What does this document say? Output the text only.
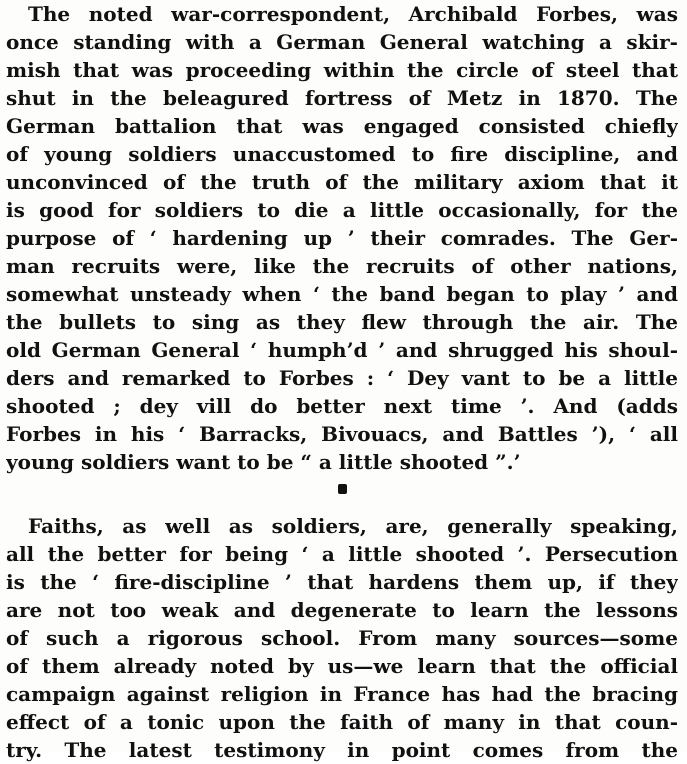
The noted war-correspondent, Archibald Forbes, was
once standing with a German General watching a skir-
mish that was proceeding within the circle of steel that
shut in the beleagured fortress of Metz in 1870. The
German battalion that was engaged consisted chiefly
of young soldiers unaccustomed to fire discipline, and
unconvinced of the truth of the military axiom that it
is good for soldiers to die a little occasionally, for the
purpose of ‘ hardening up ’ their comrades. The Ger-
man recruits were, like the recruits of other nations,
somewhat unsteady when ‘ the band began to play ’ and
the bullets to sing as they flew through the air. The
old German General ‘ humph’d ’ and shrugged his shoul-
ders and remarked to Forbes : ‘ Dey vant to be a little
shooted ; dey vill do better next time ’. And (adds
Forbes in his ‘ Barracks, Bivouacs, and Battles ’), ‘ all
young soldiers want to be “ a little shooted ”.’
Faiths, as well as soldiers, are, generally speaking,
all the better for being ‘ a little shooted ’. Persecution
is the ‘ fire-discipline ’ that hardens them up, if they
are not too weak and degenerate to learn the lessons
of such a rigorous school. From many sources—some
of them already noted by us—we learn that the official
campaign against religion in France has had the bracing
effect of a tonic upon the faith of many in that coun-
try. The latest testimony in point comes from the
